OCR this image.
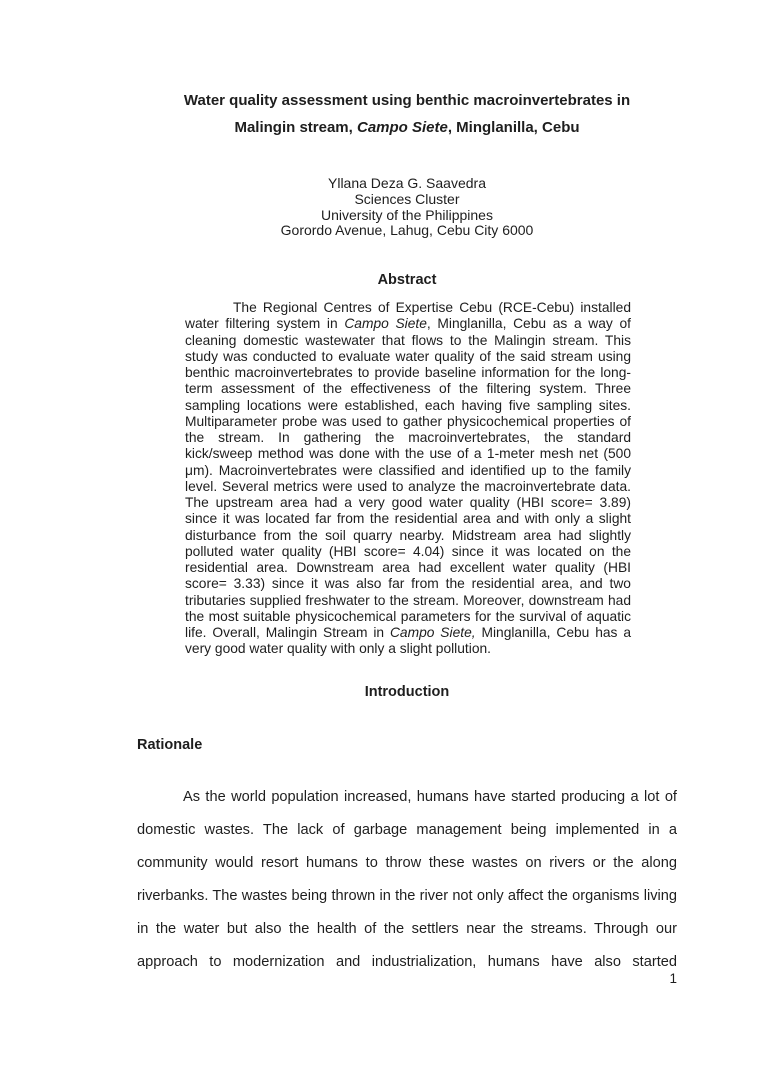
Water quality assessment using benthic macroinvertebrates in
Malingin stream, Campo Siete, Minglanilla, Cebu
Yllana Deza G. Saavedra
Sciences Cluster
University of the Philippines
Gorordo Avenue, Lahug, Cebu City 6000
Abstract
The Regional Centres of Expertise Cebu (RCE-Cebu) installed water filtering system in Campo Siete, Minglanilla, Cebu as a way of cleaning domestic wastewater that flows to the Malingin stream. This study was conducted to evaluate water quality of the said stream using benthic macroinvertebrates to provide baseline information for the long-term assessment of the effectiveness of the filtering system. Three sampling locations were established, each having five sampling sites. Multiparameter probe was used to gather physicochemical properties of the stream. In gathering the macroinvertebrates, the standard kick/sweep method was done with the use of a 1-meter mesh net (500 μm). Macroinvertebrates were classified and identified up to the family level. Several metrics were used to analyze the macroinvertebrate data. The upstream area had a very good water quality (HBI score= 3.89) since it was located far from the residential area and with only a slight disturbance from the soil quarry nearby. Midstream area had slightly polluted water quality (HBI score= 4.04) since it was located on the residential area. Downstream area had excellent water quality (HBI score= 3.33) since it was also far from the residential area, and two tributaries supplied freshwater to the stream. Moreover, downstream had the most suitable physicochemical parameters for the survival of aquatic life. Overall, Malingin Stream in Campo Siete, Minglanilla, Cebu has a very good water quality with only a slight pollution.
Introduction
Rationale
As the world population increased, humans have started producing a lot of domestic wastes. The lack of garbage management being implemented in a community would resort humans to throw these wastes on rivers or the along riverbanks. The wastes being thrown in the river not only affect the organisms living in the water but also the health of the settlers near the streams. Through our approach to modernization and industrialization, humans have also started
1
